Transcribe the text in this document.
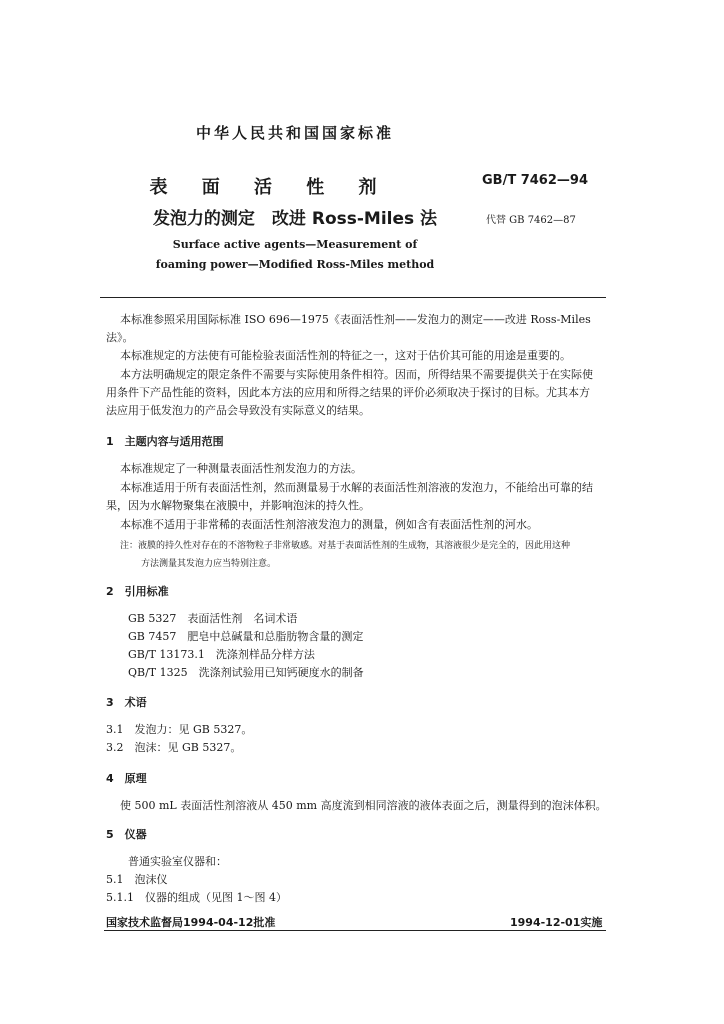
中华人民共和国国家标准
表 面 活 性 剂	GB/T 7462—94
发泡力的测定　改进 Ross-Miles 法	代替 GB 7462—87
Surface active agents—Measurement of
foaming power—Modified Ross-Miles method
本标准参照采用国际标准 ISO 696—1975《表面活性剂——发泡力的测定——改进 Ross-Miles
法》。
本标准规定的方法使有可能检验表面活性剂的特征之一，这对于估价其可能的用途是重要的。
本方法明确规定的限定条件不需要与实际使用条件相符。因而，所得结果不需要提供关于在实际使
用条件下产品性能的资料，因此本方法的应用和所得之结果的评价必须取决于探讨的目标。尤其本方
法应用于低发泡力的产品会导致没有实际意义的结果。
1　主题内容与适用范围
本标准规定了一种测量表面活性剂发泡力的方法。
本标准适用于所有表面活性剂，然而测量易于水解的表面活性剂溶液的发泡力，不能给出可靠的结
果，因为水解物聚集在液膜中，并影响泡沫的持久性。
本标准不适用于非常稀的表面活性剂溶液发泡力的测量，例如含有表面活性剂的河水。
注：液膜的持久性对存在的不溶物粒子非常敏感。对基于表面活性剂的生成物，其溶液很少是完全的，因此用这种
方法测量其发泡力应当特别注意。
2　引用标准
GB 5327　表面活性剂　名词术语
GB 7457　肥皂中总碱量和总脂肪物含量的测定
GB/T 13173.1　洗涤剂样品分样方法
QB/T 1325　洗涤剂试验用已知钙硬度水的制备
3　术语
3.1　发泡力：见 GB 5327。
3.2　泡沫：见 GB 5327。
4　原理
使 500 mL 表面活性剂溶液从 450 mm 高度流到相同溶液的液体表面之后，测量得到的泡沫体积。
5　仪器
普通实验室仪器和：
5.1　泡沫仪
5.1.1　仪器的组成（见图 1～图 4）
国家技术监督局1994-04-12批准	1994-12-01实施
